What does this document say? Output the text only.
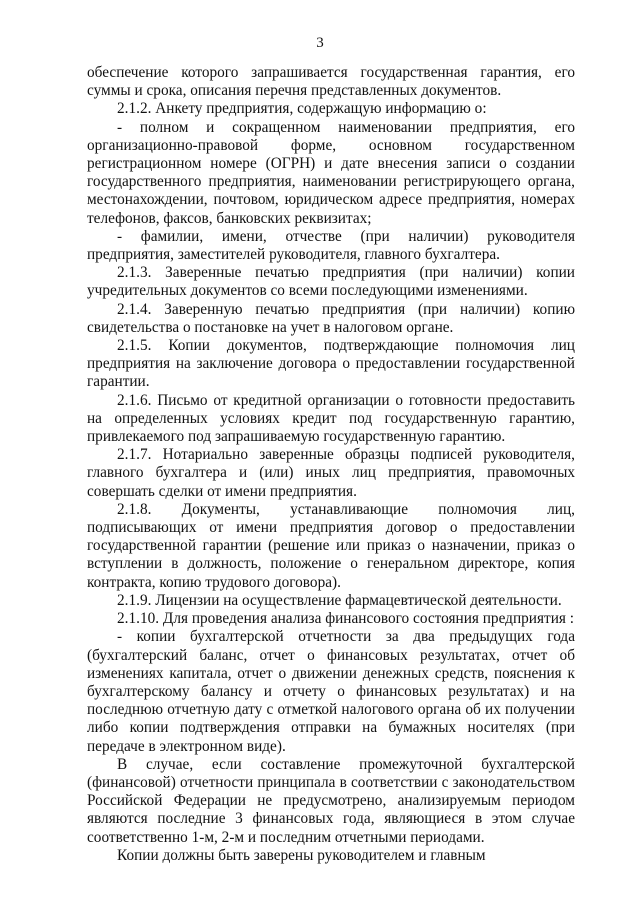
3

обеспечение которого запрашивается государственная гарантия, его суммы и срока, описания перечня представленных документов.

2.1.2. Анкету предприятия, содержащую информацию о:

- полном и сокращенном наименовании предприятия, его организационно-правовой форме, основном государственном регистрационном номере (ОГРН) и дате внесения записи о создании государственного предприятия, наименовании регистрирующего органа, местонахождении, почтовом, юридическом адресе предприятия, номерах телефонов, факсов, банковских реквизитах;

- фамилии, имени, отчестве (при наличии) руководителя предприятия, заместителей руководителя, главного бухгалтера.

2.1.3. Заверенные печатью предприятия (при наличии) копии учредительных документов со всеми последующими изменениями.

2.1.4. Заверенную печатью предприятия (при наличии) копию свидетельства о постановке на учет в налоговом органе.

2.1.5. Копии документов, подтверждающие полномочия лиц предприятия на заключение договора о предоставлении государственной гарантии.

2.1.6. Письмо от кредитной организации о готовности предоставить на определенных условиях кредит под государственную гарантию, привлекаемого под запрашиваемую государственную гарантию.

2.1.7. Нотариально заверенные образцы подписей руководителя, главного бухгалтера и (или) иных лиц предприятия, правомочных совершать сделки от имени предприятия.

2.1.8. Документы, устанавливающие полномочия лиц, подписывающих от имени предприятия договор о предоставлении государственной гарантии (решение или приказ о назначении, приказ о вступлении в должность, положение о генеральном директоре, копия контракта, копию трудового договора).

2.1.9. Лицензии на осуществление фармацевтической деятельности.

2.1.10. Для проведения анализа финансового состояния предприятия :

- копии бухгалтерской отчетности за два предыдущих года (бухгалтерский баланс, отчет о финансовых результатах, отчет об изменениях капитала, отчет о движении денежных средств, пояснения к бухгалтерскому балансу и отчету о финансовых результатах) и на последнюю отчетную дату с отметкой налогового органа об их получении либо копии подтверждения отправки на бумажных носителях (при передаче в электронном виде).

В случае, если составление промежуточной бухгалтерской (финансовой) отчетности принципала в соответствии с законодательством Российской Федерации не предусмотрено, анализируемым периодом являются последние 3 финансовых года, являющиеся в этом случае соответственно 1-м, 2-м и последним отчетными периодами.

Копии должны быть заверены руководителем и главным
